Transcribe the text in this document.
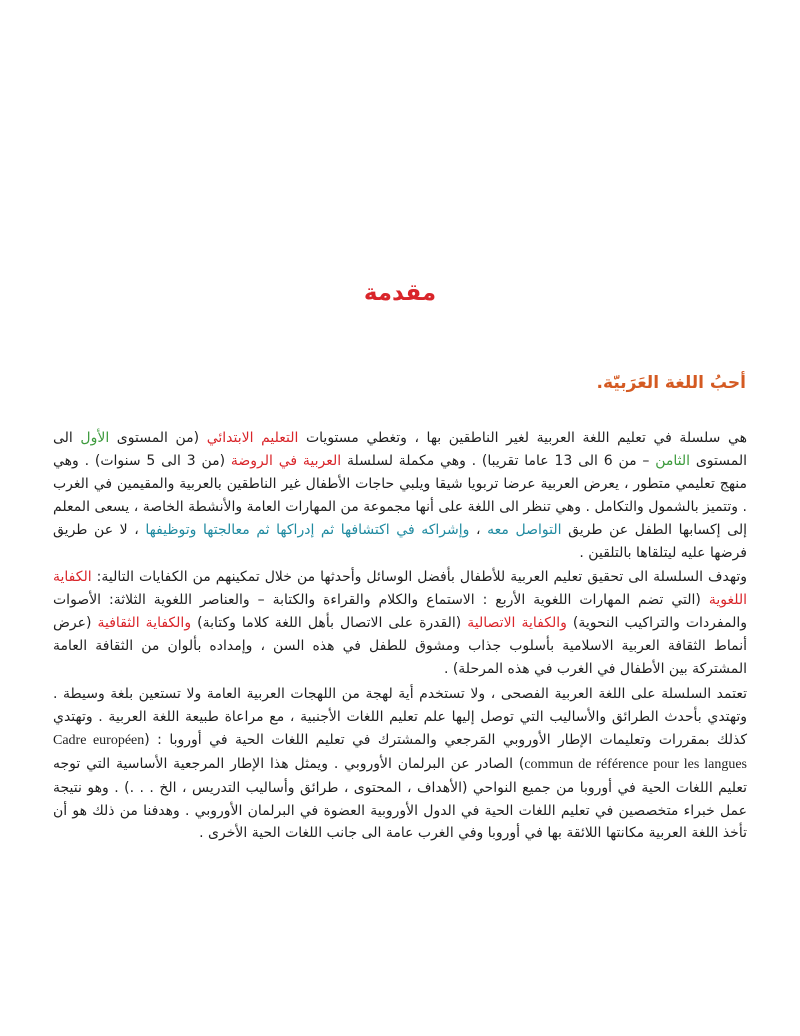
مقدمة
أحبُ اللغة العَرَبيّة.

هي سلسلة في تعليم اللغة العربية لغير الناطقين بها ، وتغطي مستويات التعليم الابتدائي (من المستوى الأول الى المستوى الثامن – من 6 الى 13 عاما تقريبا) . وهي مكملة لسلسلة العربية في الروضة (من 3 الى 5 سنوات) . وهي منهج تعليمي متطور ، يعرض العربية عرضا تربويا شيقا ويلبي حاجات الأطفال غير الناطقين بالعربية والمقيمين في الغرب . وتتميز بالشمول والتكامل . وهي تنظر الى اللغة على أنها مجموعة من المهارات العامة والأنشطة الخاصة ، يسعى المعلم إلى إكسابها الطفل عن طريق التواصل معه ، وإشراكه في اكتشافها ثم إدراكها ثم معالجتها وتوظيفها ، لا عن طريق فرضها عليه ليتلقاها بالتلقين .

وتهدف السلسلة الى تحقيق تعليم العربية للأطفال بأفضل الوسائل وأحدثها من خلال تمكينهم من الكفايات التالية: الكفاية اللغوية (التي تضم المهارات اللغوية الأربع : الاستماع والكلام والقراءة والكتابة – والعناصر اللغوية الثلاثة: الأصوات والمفردات والتراكيب النحوية) والكفاية الاتصالية (القدرة على الاتصال بأهل اللغة كلاما وكتابة) والكفاية الثقافية (عرض أنماط الثقافة العربية الاسلامية بأسلوب جذاب ومشوق للطفل في هذه السن ، وإمداده بألوان من الثقافة العامة المشتركة بين الأطفال في الغرب في هذه المرحلة) .

تعتمد السلسلة على اللغة العربية الفصحى ، ولا تستخدم أية لهجة من اللهجات العربية العامة ولا تستعين بلغة وسيطة . وتهتدي بأحدث الطرائق والأساليب التي توصل إليها علم تعليم اللغات الأجنبية ، مع مراعاة طبيعة اللغة العربية . وتهتدي كذلك بمقررات وتعليمات الإطار الأوروبي المَرجعي والمشترك في تعليم اللغات الحية في أوروبا : (Cadre européen commun de référence pour les langues) الصادر عن البرلمان الأوروبي . ويمثل هذا الإطار المرجعية الأساسية التي توجه تعليم اللغات الحية في أوروبا من جميع النواحي (الأهداف ، المحتوى ، طرائق وأساليب التدريس ، الخ . . .) . وهو نتيجة عمل خبراء متخصصين في تعليم اللغات الحية في الدول الأوروبية العضوة في البرلمان الأوروبي . وهدفنا من ذلك هو أن تأخذ اللغة العربية مكانتها اللائقة بها في أوروبا وفي الغرب عامة الى جانب اللغات الحية الأخرى .
